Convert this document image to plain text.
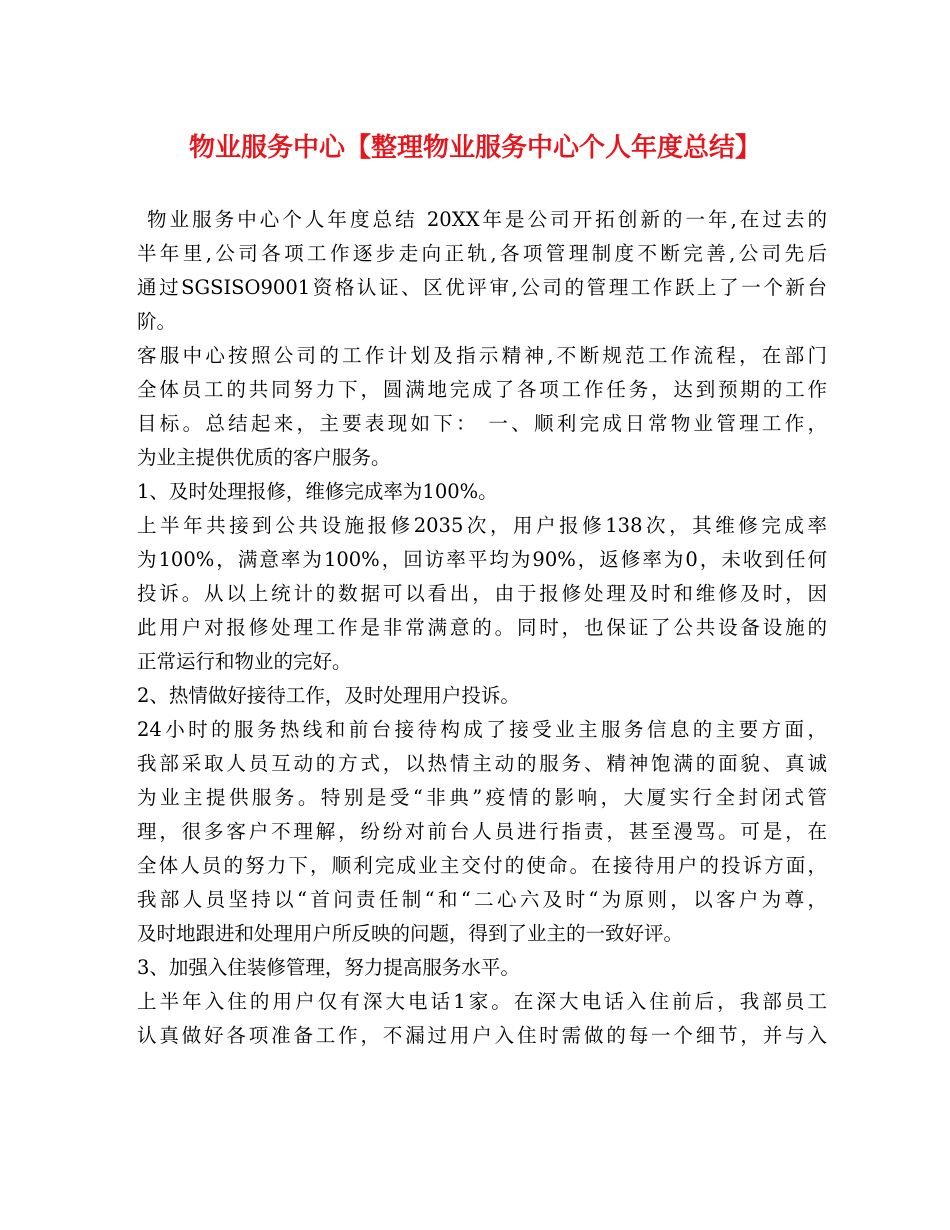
物业服务中心【整理物业服务中心个人年度总结】
物业服务中心个人年度总结 20XX年是公司开拓创新的一年,在过去的
半年里,公司各项工作逐步走向正轨,各项管理制度不断完善,公司先后
通过SGSISO9001资格认证、区优评审,公司的管理工作跃上了一个新台
阶。
客服中心按照公司的工作计划及指示精神,不断规范工作流程，在部门
全体员工的共同努力下，圆满地完成了各项工作任务，达到预期的工作
目标。总结起来，主要表现如下： 一、顺利完成日常物业管理工作，
为业主提供优质的客户服务。
1、及时处理报修，维修完成率为100%。
上半年共接到公共设施报修2035次，用户报修138次，其维修完成率
为100%，满意率为100%，回访率平均为90%，返修率为0，未收到任何
投诉。从以上统计的数据可以看出，由于报修处理及时和维修及时，因
此用户对报修处理工作是非常满意的。同时，也保证了公共设备设施的
正常运行和物业的完好。
2、热情做好接待工作，及时处理用户投诉。
24小时的服务热线和前台接待构成了接受业主服务信息的主要方面，
我部采取人员互动的方式，以热情主动的服务、精神饱满的面貌、真诚
为业主提供服务。特别是受“非典”疫情的影响，大厦实行全封闭式管
理，很多客户不理解，纷纷对前台人员进行指责，甚至漫骂。可是，在
全体人员的努力下，顺利完成业主交付的使命。在接待用户的投诉方面，
我部人员坚持以“首问责任制“和“二心六及时“为原则，以客户为尊，
及时地跟进和处理用户所反映的问题，得到了业主的一致好评。
3、加强入住装修管理，努力提高服务水平。
上半年入住的用户仅有深大电话1家。在深大电话入住前后，我部员工
认真做好各项准备工作，不漏过用户入住时需做的每一个细节，并与入
